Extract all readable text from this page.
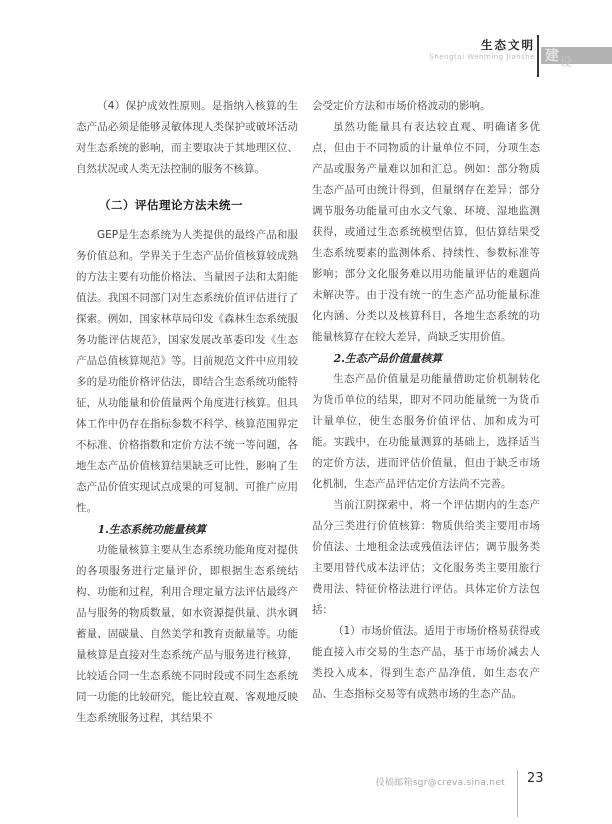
生态文明
Shengtai Wenming Jianshe 建 设

（4）保护成效性原则。是指纳入核算的生态产品必须是能够灵敏体现人类保护或破坏活动对生态系统的影响，而主要取决于其地理区位、自然状况或人类无法控制的服务不核算。

（二）评估理论方法未统一

GEP是生态系统为人类提供的最终产品和服务价值总和。学界关于生态产品价值核算较成熟的方法主要有功能价格法、当量因子法和太阳能值法。我国不同部门对生态系统价值评估进行了探索。例如，国家林草局印发《森林生态系统服务功能评估规范》，国家发展改革委印发《生态产品总值核算规范》等。目前规范文件中应用较多的是功能价格评估法，即结合生态系统功能特征，从功能量和价值量两个角度进行核算。但具体工作中仍存在指标参数不科学、核算范围界定不标准、价格指数和定价方法不统一等问题，各地生态产品价值核算结果缺乏可比性，影响了生态产品价值实现试点成果的可复制、可推广应用性。

1.生态系统功能量核算

功能量核算主要从生态系统功能角度对提供的各项服务进行定量评价，即根据生态系统结构、功能和过程，利用合理定量方法评估最终产品与服务的物质数量，如水资源提供量、洪水调蓄量、固碳量、自然美学和教育贡献量等。功能量核算是直接对生态系统产品与服务进行核算，比较适合同一生态系统不同时段或不同生态系统同一功能的比较研究，能比较直观、客观地反映生态系统服务过程，其结果不

会受定价方法和市场价格波动的影响。

虽然功能量具有表达较直观、明确诸多优点，但由于不同物质的计量单位不同，分项生态产品或服务产量难以加和汇总。例如：部分物质生态产品可由统计得到，但量纲存在差异；部分调节服务功能量可由水文气象、环境、湿地监测获得，或通过生态系统模型估算，但估算结果受生态系统要素的监测体系、持续性、参数标准等影响；部分文化服务难以用功能量评估的难题尚未解决等。由于没有统一的生态产品功能量标准化内涵、分类以及核算科目，各地生态系统的功能量核算存在较大差异，尚缺乏实用价值。

2.生态产品价值量核算

生态产品价值量是功能量借助定价机制转化为货币单位的结果，即对不同功能量统一为货币计量单位，使生态服务价值评估、加和成为可能。实践中，在功能量测算的基础上，选择适当的定价方法，进而评估价值量，但由于缺乏市场化机制，生态产品评估定价方法尚不完善。

当前江阴探索中，将一个评估期内的生态产品分三类进行价值核算：物质供给类主要用市场价值法、土地租金法或残值法评估；调节服务类主要用替代成本法评估；文化服务类主要用旅行费用法、特征价格法进行评估。具体定价方法包括：

（1）市场价值法。适用于市场价格易获得或能直接入市交易的生态产品，基于市场价减去人类投入成本，得到生态产品净值，如生态农产品、生态指标交易等有成熟市场的生态产品。

投稿邮箱sgr@creva.sina.net 23
